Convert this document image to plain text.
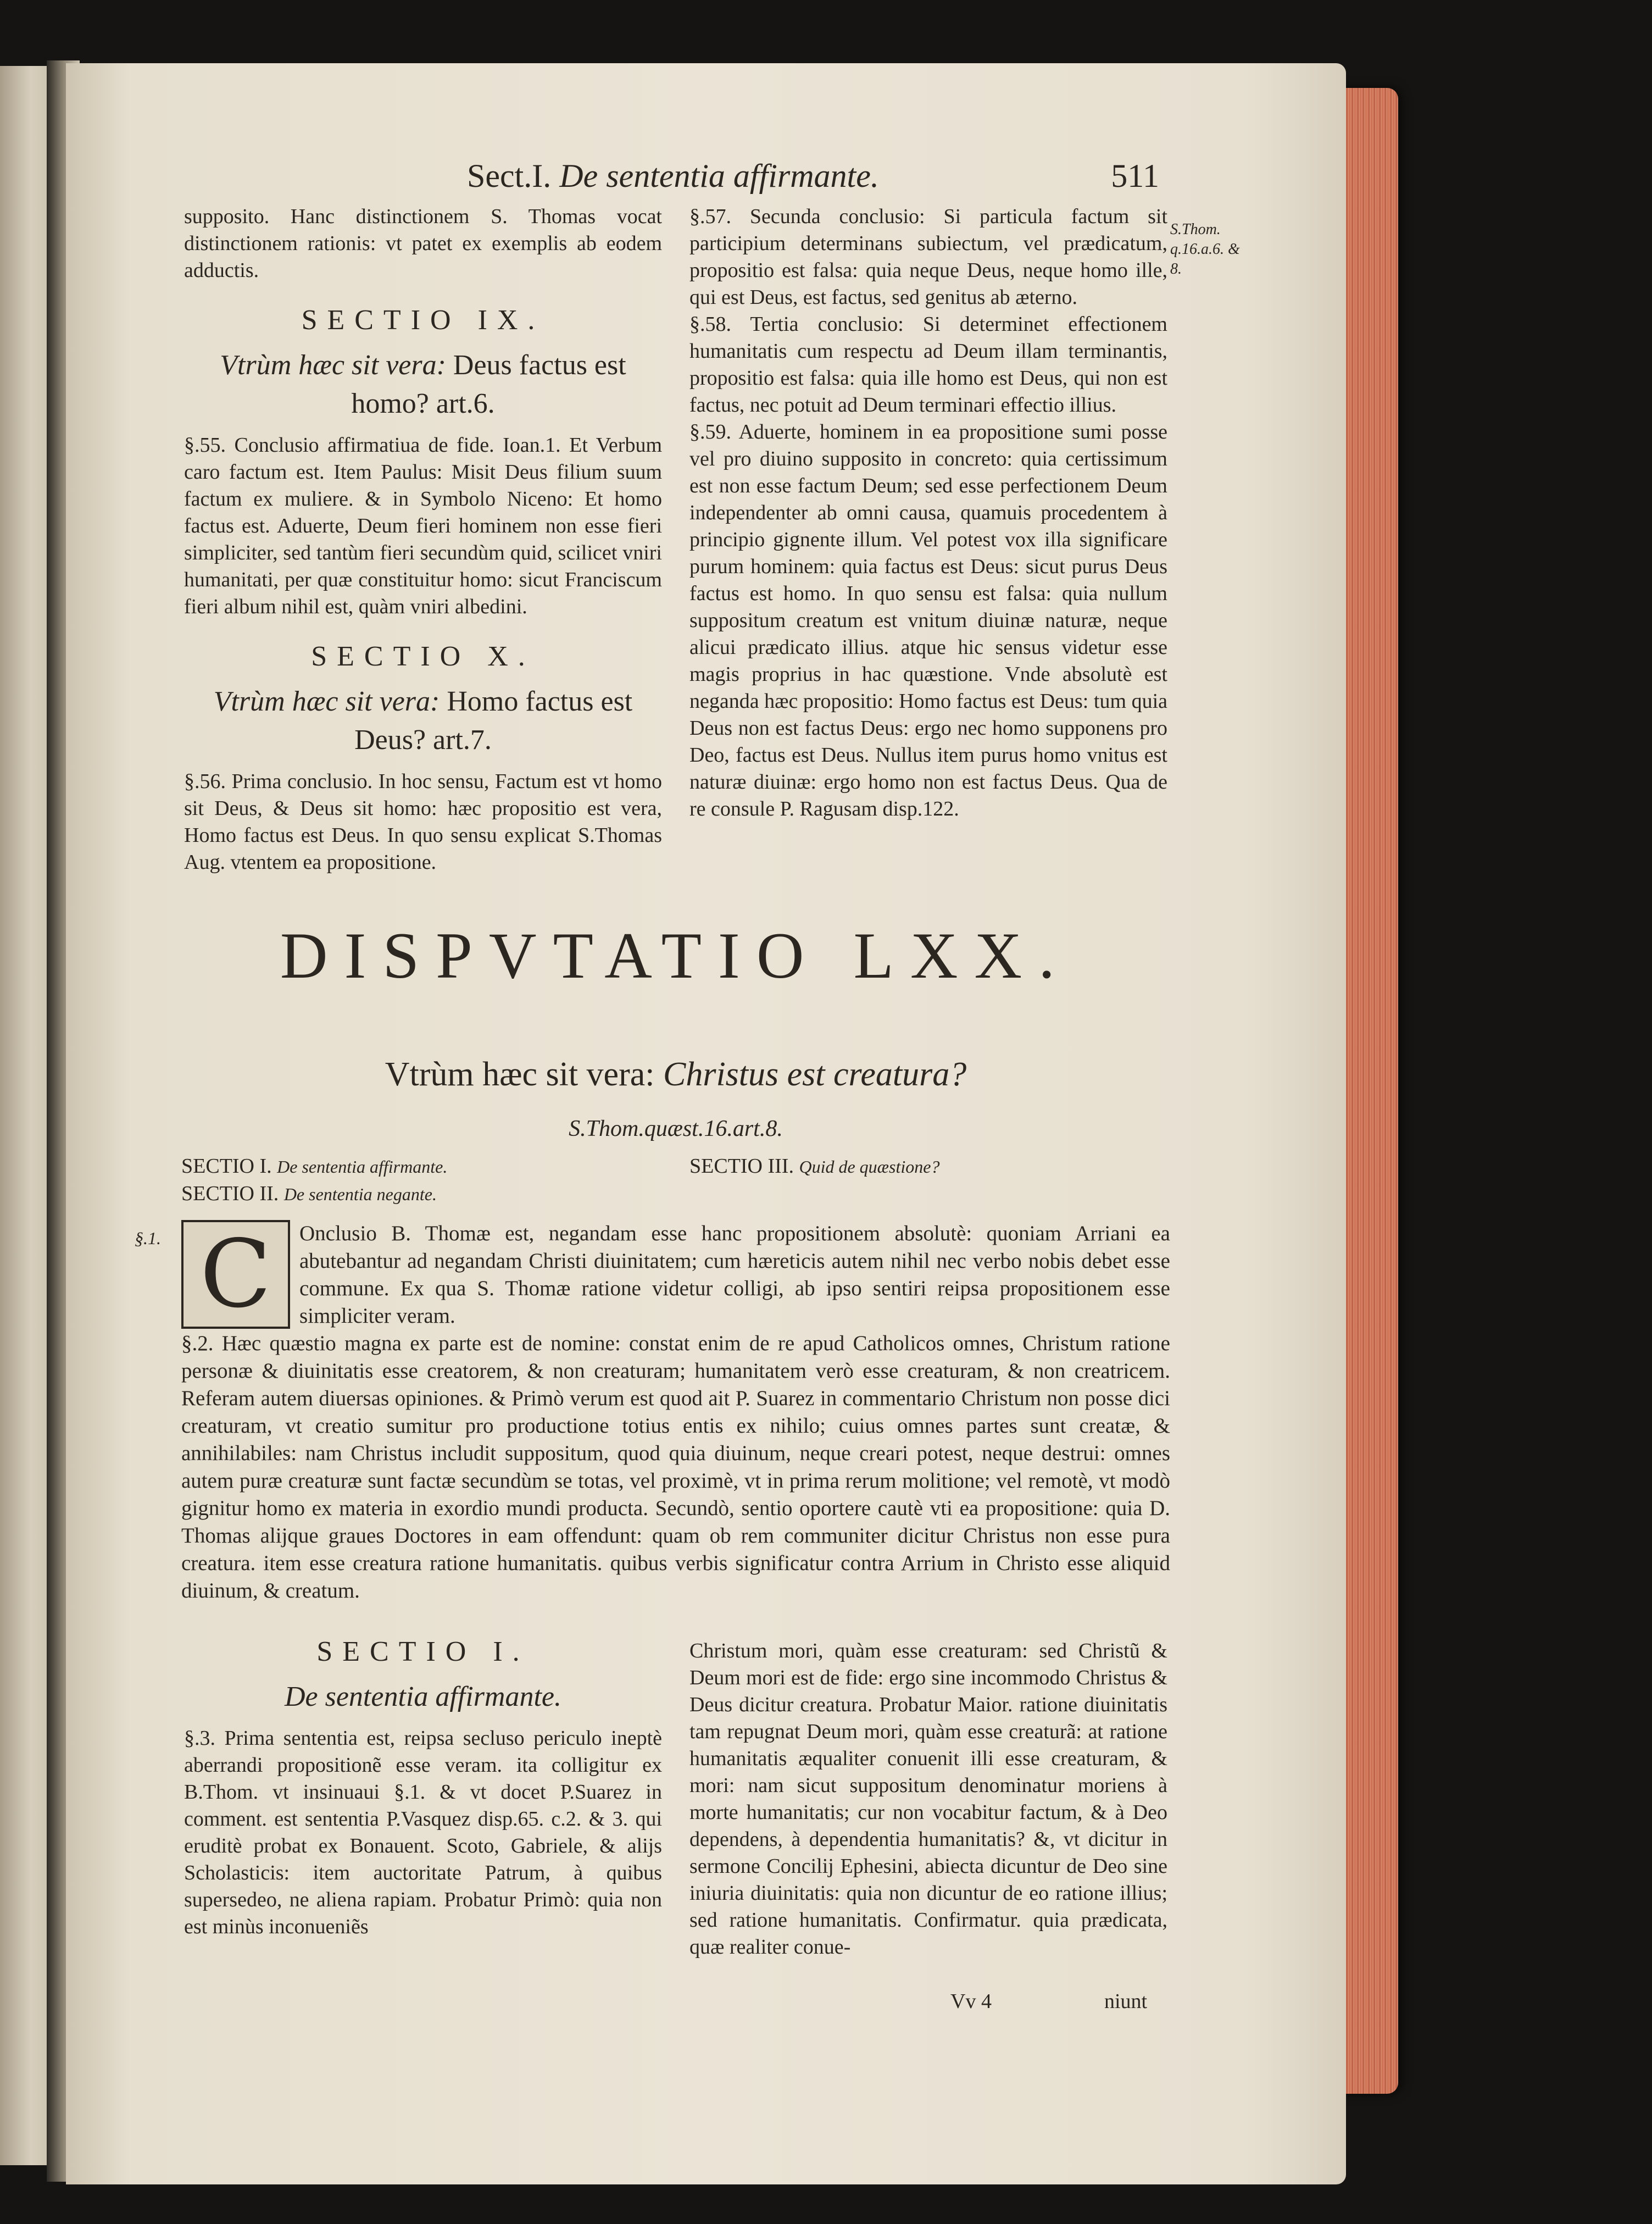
Sect.I. De sententia affirmante.	511
S.Thom. q.16.a.6. & 8.

supposito. Hanc distinctionem S. Thomas vocat distinctionem rationis: vt patet ex exemplis ab eodem adductis.

SECTIO IX.
Vtrùm hæc sit vera: Deus factus est homo? art.6.

§.55. Conclusio affirmatiua de fide. Ioan.1. Et Verbum caro factum est. Item Paulus: Misit Deus filium suum factum ex muliere. & in Symbolo Niceno: Et homo factus est. Aduerte, Deum fieri hominem non esse fieri simpliciter, sed tantùm fieri secundùm quid, scilicet vniri humanitati, per quæ constituitur homo: sicut Franciscum fieri album nihil est, quàm vniri albedini.

SECTIO X.
Vtrùm hæc sit vera: Homo factus est Deus? art.7.

§.56. Prima conclusio. In hoc sensu, Factum est vt homo sit Deus, & Deus sit homo: hæc propositio est vera, Homo factus est Deus. In quo sensu explicat S.Thomas Aug. vtentem ea propositione.

§.57. Secunda conclusio: Si particula factum sit participium determinans subiectum, vel prædicatum, propositio est falsa: quia neque Deus, neque homo ille, qui est Deus, est factus, sed genitus ab æterno.

§.58. Tertia conclusio: Si determinet effectionem humanitatis cum respectu ad Deum illam terminantis, propositio est falsa: quia ille homo est Deus, qui non est factus, nec potuit ad Deum terminari effectio illius.

§.59. Aduerte, hominem in ea propositione sumi posse vel pro diuino supposito in concreto: quia certissimum est non esse factum Deum; sed esse perfectionem Deum independenter ab omni causa, quamuis procedentem à principio gignente illum. Vel potest vox illa significare purum hominem: quia factus est Deus: sicut purus Deus factus est homo. In quo sensu est falsa: quia nullum suppositum creatum est vnitum diuinæ naturæ, neque alicui prædicato illius. atque hic sensus videtur esse magis proprius in hac quæstione. Vnde absolutè est neganda hæc propositio: Homo factus est Deus: tum quia Deus non est factus Deus: ergo nec homo supponens pro Deo, factus est Deus. Nullus item purus homo vnitus est naturæ diuinæ: ergo homo non est factus Deus. Qua de re consule P. Ragusam disp.122.

DISPVTATIO LXX.
Vtrùm hæc sit vera: Christus est creatura?
S.Thom.quæst.16.art.8.
SECTIO I. De sententia affirmante.
SECTIO II. De sententia negante.
SECTIO III. Quid de quæstione?
§.1. C	Onclusio B. Thomæ est, negandam esse hanc propositionem absolutè: quoniam Arriani ea abutebantur ad negandam Christi diuinitatem; cum hæreticis autem nihil nec verbo nobis debet esse commune. Ex qua S. Thomæ ratione videtur colligi, ab ipso sentiri reipsa propositionem esse simpliciter veram.

§.2. Hæc quæstio magna ex parte est de nomine: constat enim de re apud Catholicos omnes, Christum ratione personæ & diuinitatis esse creatorem, & non creaturam; humanitatem verò esse creaturam, & non creatricem. Referam autem diuersas opiniones. & Primò verum est quod ait P. Suarez in commentario Christum non posse dici creaturam, vt creatio sumitur pro productione totius entis ex nihilo; cuius omnes partes sunt creatæ, & annihilabiles: nam Christus includit suppositum, quod quia diuinum, neque creari potest, neque destrui: omnes autem puræ creaturæ sunt factæ secundùm se totas, vel proximè, vt in prima rerum molitione; vel remotè, vt modò gignitur homo ex materia in exordio mundi producta. Secundò, sentio oportere cautè vti ea propositione: quia D. Thomas alijque graues Doctores in eam offendunt: quam ob rem communiter dicitur Christus non esse pura creatura. item esse creatura ratione humanitatis. quibus verbis significatur contra Arrium in Christo esse aliquid diuinum, & creatum.

SECTIO I.
De sententia affirmante.

§.3. Prima sententia est, reipsa secluso periculo ineptè aberrandi propositionẽ esse veram. ita colligitur ex B.Thom. vt insinuaui §.1. & vt docet P.Suarez in comment. est sententia P.Vasquez disp.65. c.2. & 3. qui eruditè probat ex Bonauent. Scoto, Gabriele, & alijs Scholasticis: item auctoritate Patrum, à quibus supersedeo, ne aliena rapiam. Probatur Primò: quia non est minùs inconueniẽs

Christum mori, quàm esse creaturam: sed Christũ & Deum mori est de fide: ergo sine incommodo Christus & Deus dicitur creatura. Probatur Maior. ratione diuinitatis tam repugnat Deum mori, quàm esse creaturã: at ratione humanitatis æqualiter conuenit illi esse creaturam, & mori: nam sicut suppositum denominatur moriens à morte humanitatis; cur non vocabitur factum, & à Deo dependens, à dependentia humanitatis? &, vt dicitur in sermone Concilij Ephesini, abiecta dicuntur de Deo sine iniuria diuinitatis: quia non dicuntur de eo ratione illius; sed ratione humanitatis. Confirmatur. quia prædicata, quæ realiter conue-

Vv 4	niunt
